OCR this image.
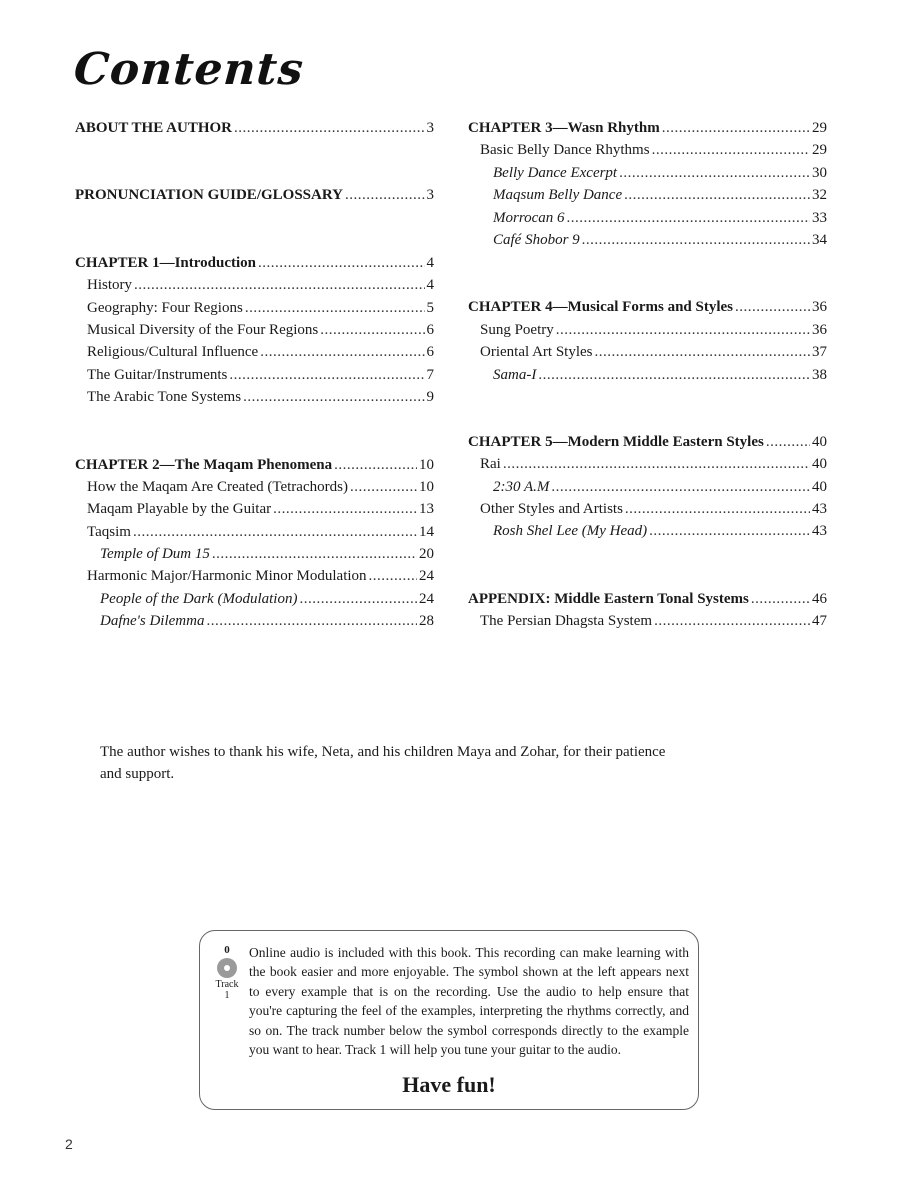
Contents
ABOUT THE AUTHOR .....	3
PRONUNCIATION GUIDE/GLOSSARY .....	3
CHAPTER 1—Introduction .....	4
History .....	4
Geography: Four Regions .....	5
Musical Diversity of the Four Regions .....	6
Religious/Cultural Influence .....	6
The Guitar/Instruments .....	7
The Arabic Tone Systems .....	9
CHAPTER 2—The Maqam Phenomena .....	10
How the Maqam Are Created (Tetrachords) .....	10
Maqam Playable by the Guitar .....	13
Taqsim .....	14
Temple of Dum 15 .....	20
Harmonic Major/Harmonic Minor Modulation .....	24
People of the Dark (Modulation) .....	24
Dafne's Dilemma .....	28
CHAPTER 3—Wasn Rhythm .....	29
Basic Belly Dance Rhythms .....	29
Belly Dance Excerpt .....	30
Maqsum Belly Dance .....	32
Morrocan 6 .....	33
Café Shobor 9 .....	34
CHAPTER 4—Musical Forms and Styles .....	36
Sung Poetry .....	36
Oriental Art Styles .....	37
Sama-I .....	38
CHAPTER 5—Modern Middle Eastern Styles .....	40
Rai .....	40
2:30 A.M .....	40
Other Styles and Artists .....	43
Rosh Shel Lee (My Head) .....	43
APPENDIX: Middle Eastern Tonal Systems .....	46
The Persian Dhagsta System .....	47
The author wishes to thank his wife, Neta, and his children Maya and Zohar, for their patience and support.
0
Track
1
Online audio is included with this book. This recording can make learning with the book easier and more enjoyable. The symbol shown at the left appears next to every example that is on the recording. Use the audio to help ensure that you're capturing the feel of the examples, interpreting the rhythms correctly, and so on. The track number below the symbol corresponds directly to the example you want to hear. Track 1 will help you tune your guitar to the audio.
Have fun!
2
